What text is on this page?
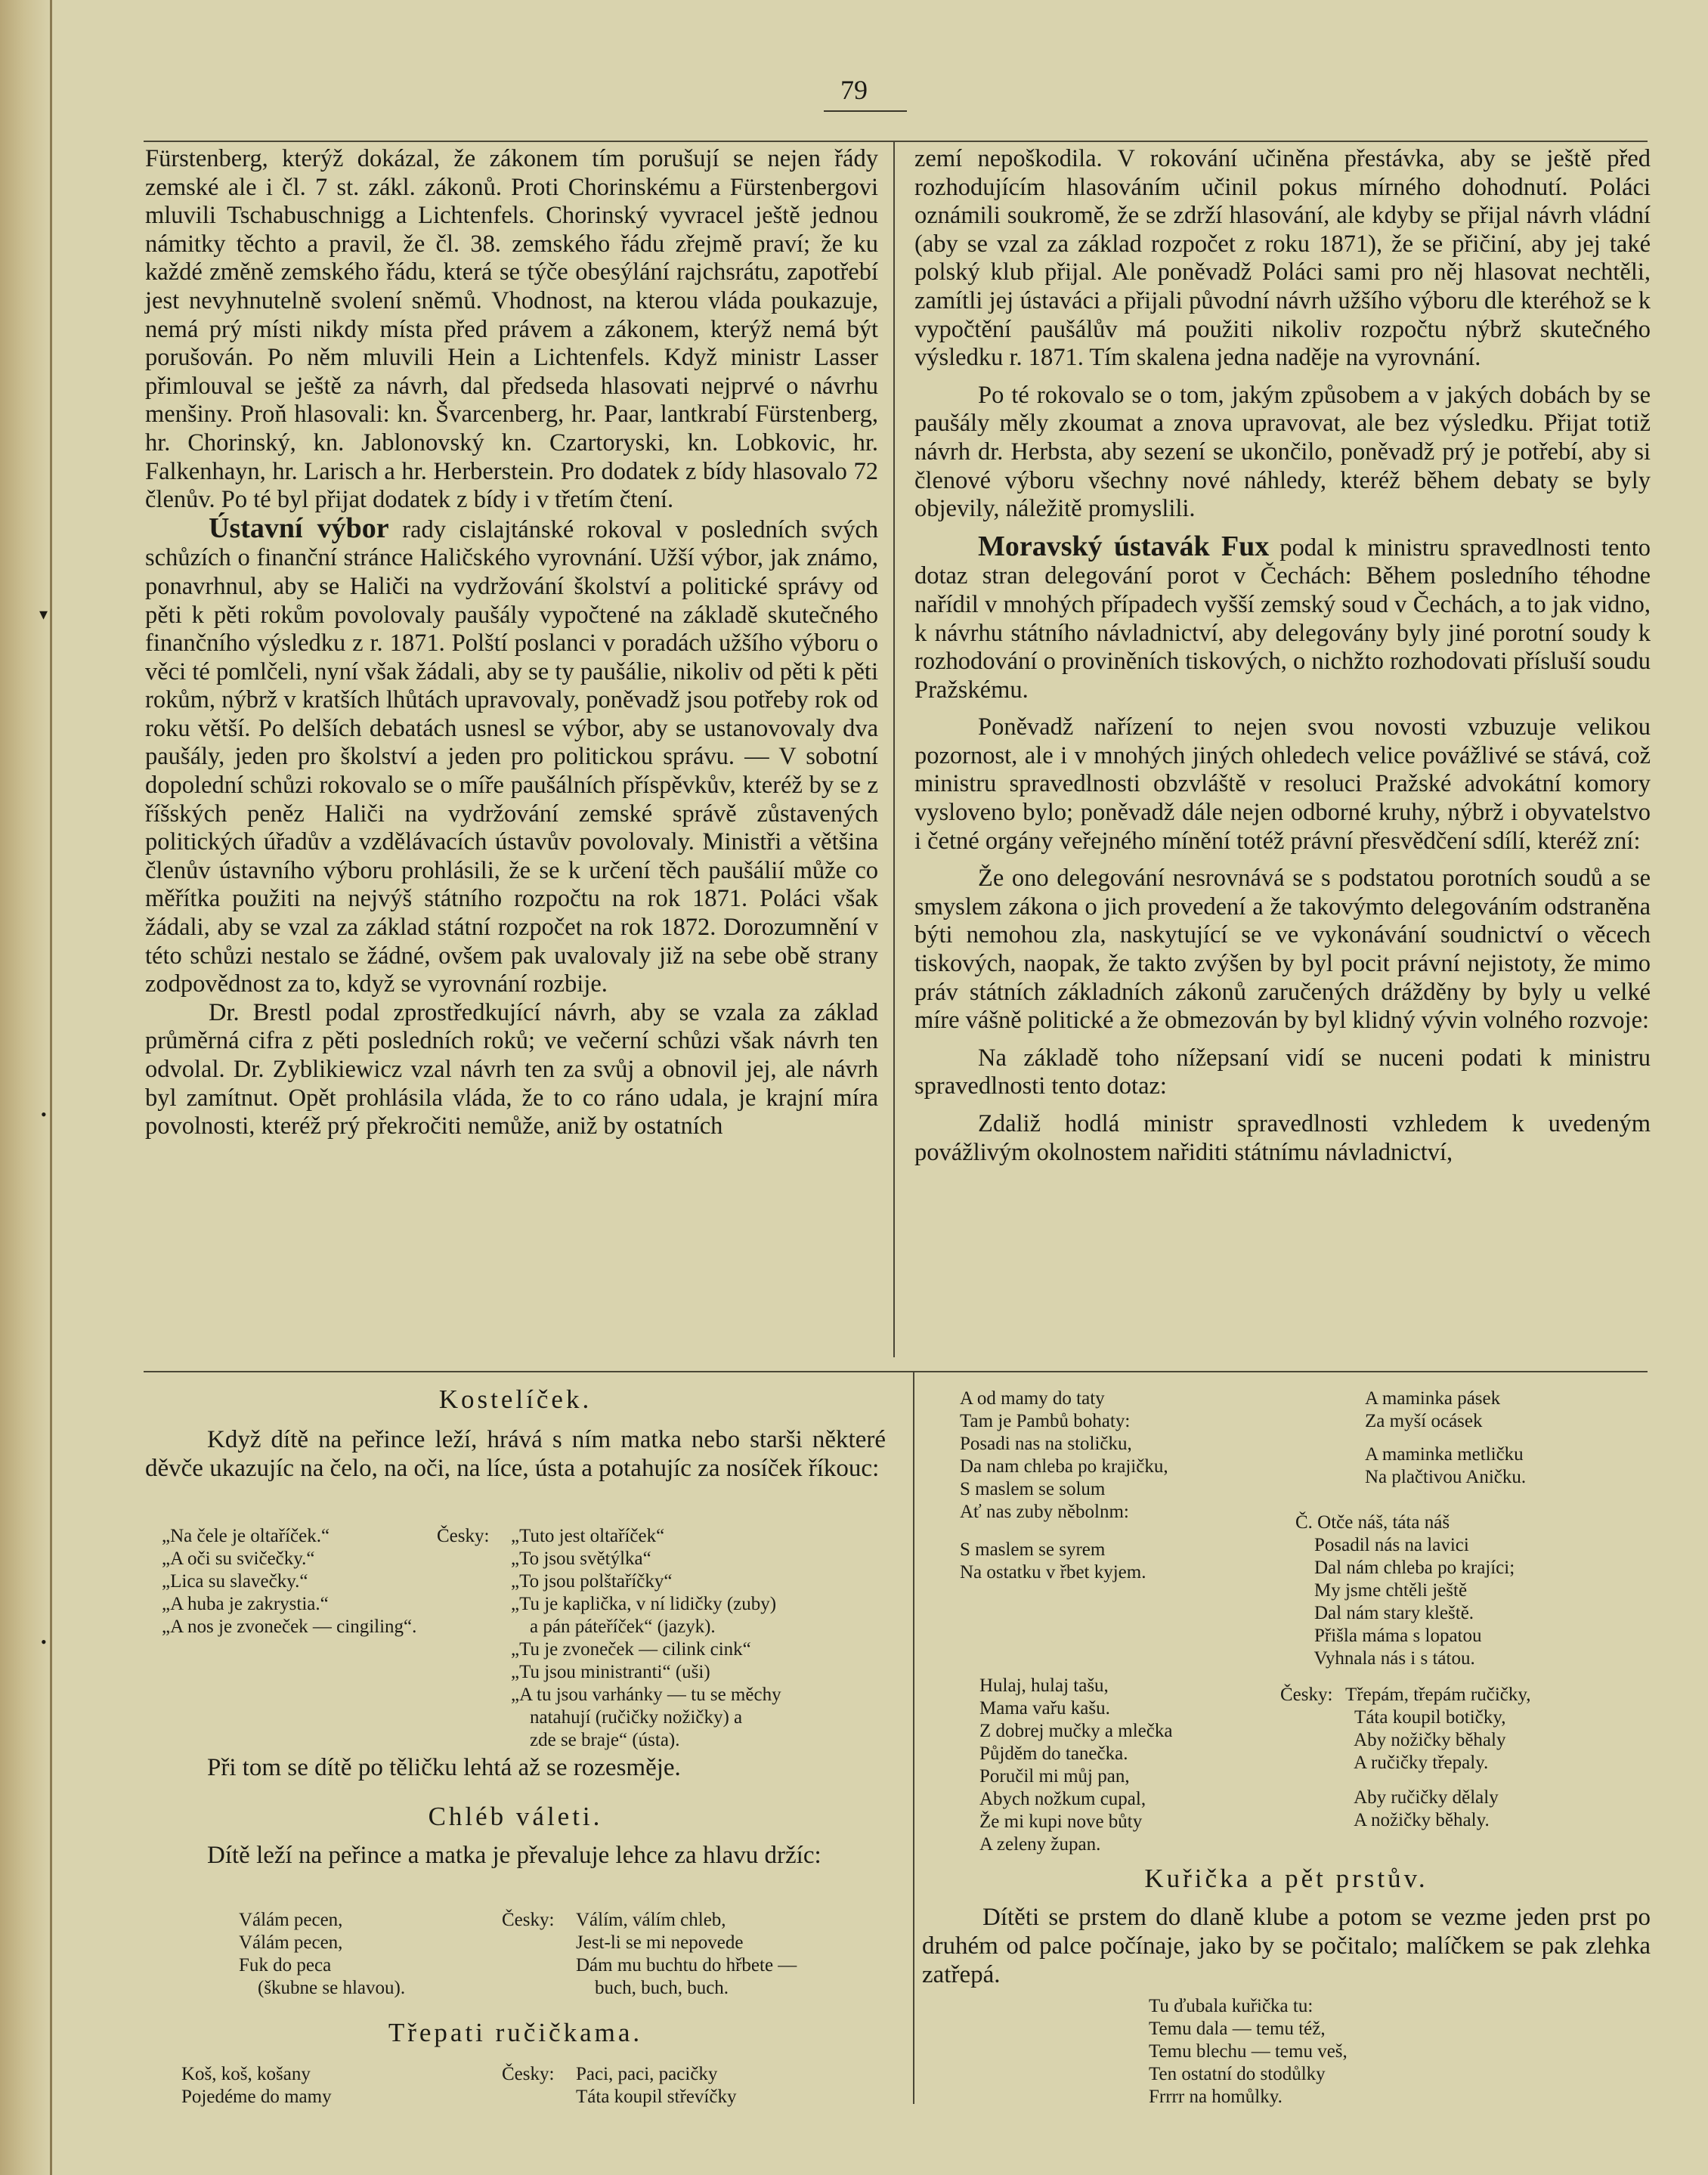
79
▾
•
•

Fürstenberg, kterýž dokázal, že zákonem tím porušují se nejen řády zemské ale i čl. 7 st. zákl. zákonů. Proti Chorinskému a Fürstenbergovi mluvili Tschabuschnigg a Lichtenfels. Chorinský vyvracel ještě jednou námitky těchto a pravil, že čl. 38. zemského řádu zřejmě praví; že ku každé změně zemského řádu, která se týče obesýlání rajchsrátu, zapotřebí jest nevyhnutelně svolení sněmů. Vhodnost, na kterou vláda poukazuje, nemá prý místi nikdy místa před právem a zákonem, kterýž nemá být porušován. Po něm mluvili Hein a Lichtenfels. Když ministr Lasser přimlouval se ještě za návrh, dal předseda hlasovati nejprvé o návrhu menšiny. Proň hlasovali: kn. Švarcenberg, hr. Paar, lantkrabí Fürstenberg, hr. Chorinský, kn. Jablonovský kn. Czartoryski, kn. Lobkovic, hr. Falkenhayn, hr. Larisch a hr. Herberstein. Pro dodatek z bídy hlasovalo 72 členův. Po té byl přijat dodatek z bídy i v třetím čtení.

Ústavní výbor rady cislajtánské rokoval v posledních svých schůzích o finanční stránce Haličského vyrovnání. Užší výbor, jak známo, ponavrhnul, aby se Haliči na vydržování školství a politické správy od pěti k pěti rokům povolovaly paušály vypočtené na základě skutečného finančního výsledku z r. 1871. Polští poslanci v poradách užšího výboru o věci té pomlčeli, nyní však žádali, aby se ty paušálie, nikoliv od pěti k pěti rokům, nýbrž v kratších lhůtách upravovaly, poněvadž jsou potřeby rok od roku větší. Po delších debatách usnesl se výbor, aby se ustanovovaly dva paušály, jeden pro školství a jeden pro politickou správu. — V sobotní dopolední schůzi rokovalo se o míře paušálních příspěvkův, kteréž by se z říšských peněz Haliči na vydržování zemské správě zůstavených politických úřadův a vzdělávacích ústavův povolovaly. Ministři a většina členův ústavního výboru prohlásili, že se k určení těch paušálií může co měřítka použiti na nejvýš státního rozpočtu na rok 1871. Poláci však žádali, aby se vzal za základ státní rozpočet na rok 1872. Dorozumnění v této schůzi nestalo se žádné, ovšem pak uvalovaly již na sebe obě strany zodpovědnost za to, když se vyrovnání rozbije.

Dr. Brestl podal zprostředkující návrh, aby se vzala za základ průměrná cifra z pěti posledních roků; ve večerní schůzi však návrh ten odvolal. Dr. Zyblikiewicz vzal návrh ten za svůj a obnovil jej, ale návrh byl zamítnut. Opět prohlásila vláda, že to co ráno udala, je krajní míra povolnosti, kteréž prý překročiti nemůže, aniž by ostatních

zemí nepoškodila. V rokování učiněna přestávka, aby se ještě před rozhodujícím hlasováním učinil pokus mírného dohodnutí. Poláci oznámili soukromě, že se zdrží hlasování, ale kdyby se přijal návrh vládní (aby se vzal za základ rozpočet z roku 1871), že se přičiní, aby jej také polský klub přijal. Ale poněvadž Poláci sami pro něj hlasovat nechtěli, zamítli jej ústaváci a přijali původní návrh užšího výboru dle kteréhož se k vypočtění paušálův má použiti nikoliv rozpočtu nýbrž skutečného výsledku r. 1871. Tím skalena jedna naděje na vyrovnání.

Po té rokovalo se o tom, jakým způsobem a v jakých dobách by se paušály měly zkoumat a znova upravovat, ale bez výsledku. Přijat totiž návrh dr. Herbsta, aby sezení se ukončilo, poněvadž prý je potřebí, aby si členové výboru všechny nové náhledy, kteréž během debaty se byly objevily, náležitě promyslili.

Moravský ústavák Fux podal k ministru spravedlnosti tento dotaz stran delegování porot v Čechách: Během posledního téhodne nařídil v mnohých případech vyšší zemský soud v Čechách, a to jak vidno, k návrhu státního návladnictví, aby delegovány byly jiné porotní soudy k rozhodování o proviněních tiskových, o nichžto rozhodovati přísluší soudu Pražskému.

Poněvadž nařízení to nejen svou novosti vzbuzuje velikou pozornost, ale i v mnohých jiných ohledech velice povážlivé se stává, což ministru spravedlnosti obzvláště v resoluci Pražské advokátní komory vysloveno bylo; poněvadž dále nejen odborné kruhy, nýbrž i obyvatelstvo i četné orgány veřejného mínění totéž právní přesvědčení sdílí, kteréž zní:

Že ono delegování nesrovnává se s podstatou porotních soudů a se smyslem zákona o jich provedení a že takovýmto delegováním odstraněna býti nemohou zla, naskytující se ve vykonávání soudnictví o věcech tiskových, naopak, že takto zvýšen by byl pocit právní nejistoty, že mimo práv státních základních zákonů zaručených drážděny by byly u velké míre vášně politické a že obmezován by byl klidný vývin volného rozvoje:

Na základě toho nížepsaní vidí se nuceni podati k ministru spravedlnosti tento dotaz:

Zdaliž hodlá ministr spravedlnosti vzhledem k uvedeným povážlivým okolnostem nařiditi státnímu návladnictví,

Kostelíček.
Když dítě na peřince leží, hrává s ním matka nebo starši některé děvče ukazujíc na čelo, na oči, na líce, ústa a potahujíc za nosíček říkouc:
„Na čele je oltaříček.“
„A oči su svičečky.“
„Lica su slavečky.“
„A huba je zakrystia.“
„A nos je zvoneček — cingiling“.
Česky: „Tuto jest oltaříček“
„To jsou světýlka“
„To jsou polštaříčky“
„Tu je kaplička, v ní lidičky (zuby)
a pán páteříček“ (jazyk).
„Tu je zvoneček — cilink cink“
„Tu jsou ministranti“ (uši)
„A tu jsou varhánky — tu se měchy
natahují (ručičky nožičky) a
zde se braje“ (ústa).
Při tom se dítě po těličku lehtá až se rozesměje.
Chléb váleti.
Dítě leží na peřince a matka je převaluje lehce za hlavu držíc:
Válám pecen,
Válám pecen,
Fuk do peca
(škubne se hlavou).
Česky: Válím, válím chleb,
Jest-li se mi nepovede
Dám mu buchtu do hřbete —
buch, buch, buch.
Třepati ručičkama.
Koš, koš, košany
Pojedéme do mamy
Česky: Paci, paci, pacičky
Táta koupil střevíčky
A od mamy do taty
Tam je Pambů bohaty:
Posadi nas na stoličku,
Da nam chleba po krajičku,
S maslem se solum
Ať nas zuby něbolnm:
S maslem se syrem
Na ostatku v řbet kyjem.
A maminka pásek
Za myší ocásek
A maminka metličku
Na plačtivou Aničku.
Č. Otče náš, táta náš
Posadil nás na lavici
Dal nám chleba po krajíci;
My jsme chtěli ještě
Dal nám stary kleště.
Přišla máma s lopatou
Vyhnala nás i s tátou.
Hulaj, hulaj tašu,
Mama vařu kašu.
Z dobrej mučky a mlečka
Půjděm do tanečka.
Poručil mi můj pan,
Abych nožkum cupal,
Že mi kupi nove bůty
A zeleny župan.
Česky: Třepám, třepám ručičky,
Táta koupil botičky,
Aby nožičky běhaly
A ručičky třepaly.
Aby ručičky dělaly
A nožičky běhaly.
Kuřička a pět prstův.
Dítěti se prstem do dlaně klube a potom se vezme jeden prst po druhém od palce počínaje, jako by se počitalo; malíčkem se pak zlehka zatřepá.
Tu ďubala kuřička tu:
Temu dala — temu též,
Temu blechu — temu veš,
Ten ostatní do stodůlky
Frrrr na homůlky.
